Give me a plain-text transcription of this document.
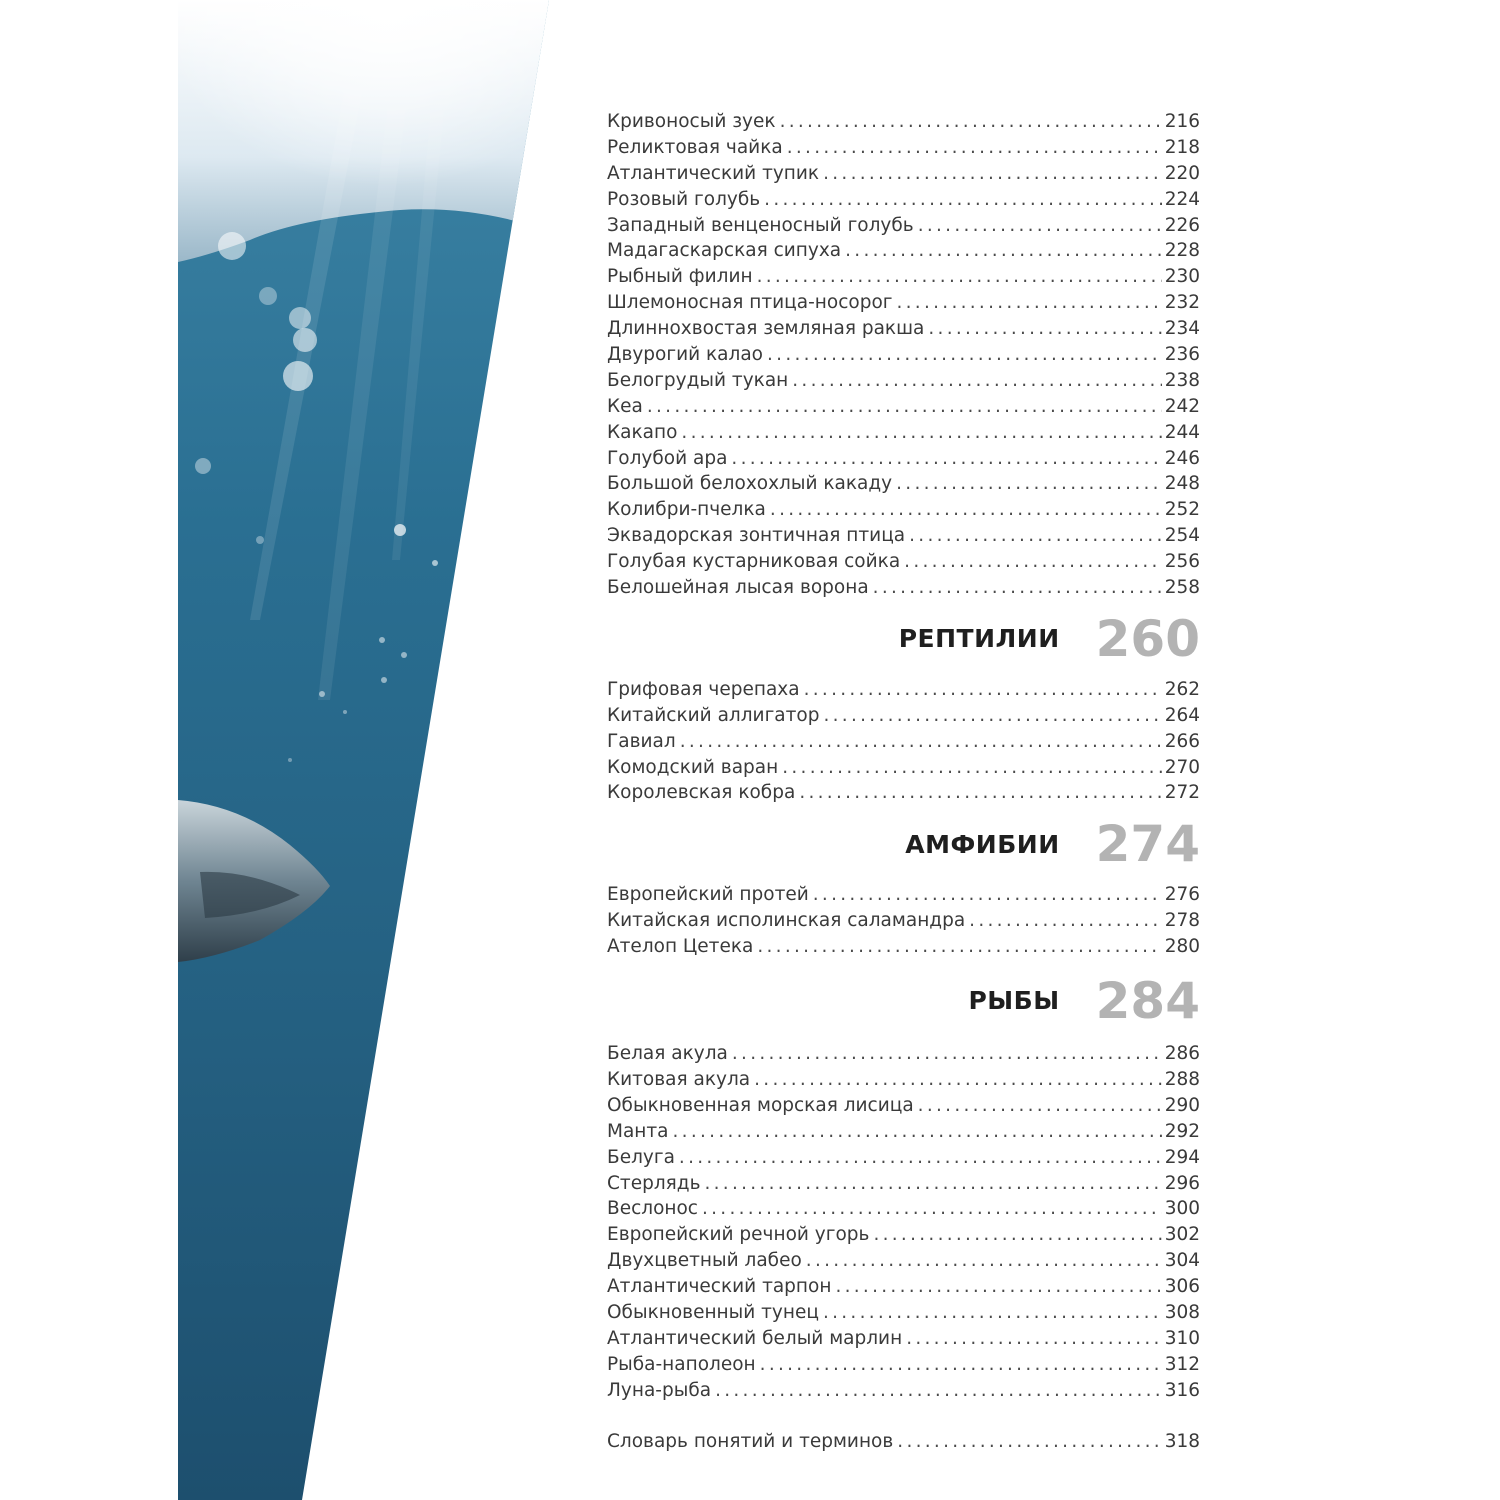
Кривоносый зуек . . .	216
Реликтовая чайка . . .	218
Атлантический тупик . . .	220
Розовый голубь . . .	224
Западный венценосный голубь . . .	226
Мадагаскарская сипуха . . .	228
Рыбный филин . . .	230
Шлемоносная птица-носорог . . .	232
Длиннохвостая земляная ракша . . .	234
Двурогий калао . . .	236
Белогрудый тукан . . .	238
Кеа . . .	242
Какапо . . .	244
Голубой ара . . .	246
Большой белохохлый какаду . . .	248
Колибри-пчелка . . .	252
Эквадорская зонтичная птица . . .	254
Голубая кустарниковая сойка . . .	256
Белошейная лысая ворона . . .	258
РЕПТИЛИИ 260
Грифовая черепаха . . .	262
Китайский аллигатор . . .	264
Гавиал . . .	266
Комодский варан . . .	270
Королевская кобра . . .	272
АМФИБИИ 274
Европейский протей . . .	276
Китайская исполинская саламандра . . .	278
Ателоп Цетека . . .	280
РЫБЫ 284
Белая акула . . .	286
Китовая акула . . .	288
Обыкновенная морская лисица . . .	290
Манта . . .	292
Белуга . . .	294
Стерлядь . . .	296
Веслонос . . .	300
Европейский речной угорь . . .	302
Двухцветный лабео . . .	304
Атлантический тарпон . . .	306
Обыкновенный тунец . . .	308
Атлантический белый марлин . . .	310
Рыба-наполеон . . .	312
Луна-рыба . . .	316
Словарь понятий и терминов . . .	318
